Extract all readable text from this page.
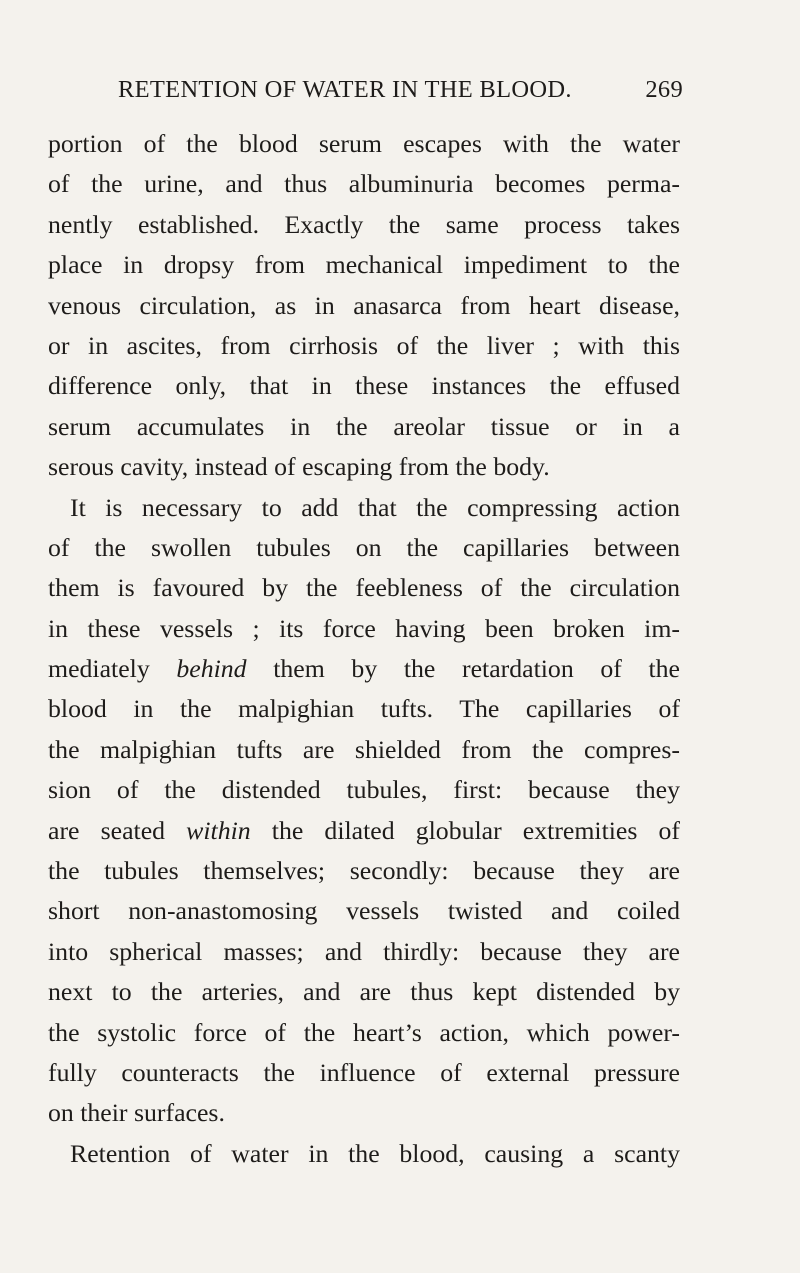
RETENTION OF WATER IN THE BLOOD.	269
portion of the blood serum escapes with the water
of the urine, and thus albuminuria becomes perma-
nently established. Exactly the same process takes
place in dropsy from mechanical impediment to the
venous circulation, as in anasarca from heart disease,
or in ascites, from cirrhosis of the liver ; with this
difference only, that in these instances the effused
serum accumulates in the areolar tissue or in a
serous cavity, instead of escaping from the body.
It is necessary to add that the compressing action
of the swollen tubules on the capillaries between
them is favoured by the feebleness of the circulation
in these vessels ; its force having been broken im-
mediately behind them by the retardation of the
blood in the malpighian tufts. The capillaries of
the malpighian tufts are shielded from the compres-
sion of the distended tubules, first: because they
are seated within the dilated globular extremities of
the tubules themselves; secondly: because they are
short non-anastomosing vessels twisted and coiled
into spherical masses; and thirdly: because they are
next to the arteries, and are thus kept distended by
the systolic force of the heart’s action, which power-
fully counteracts the influence of external pressure
on their surfaces.
Retention of water in the blood, causing a scanty
